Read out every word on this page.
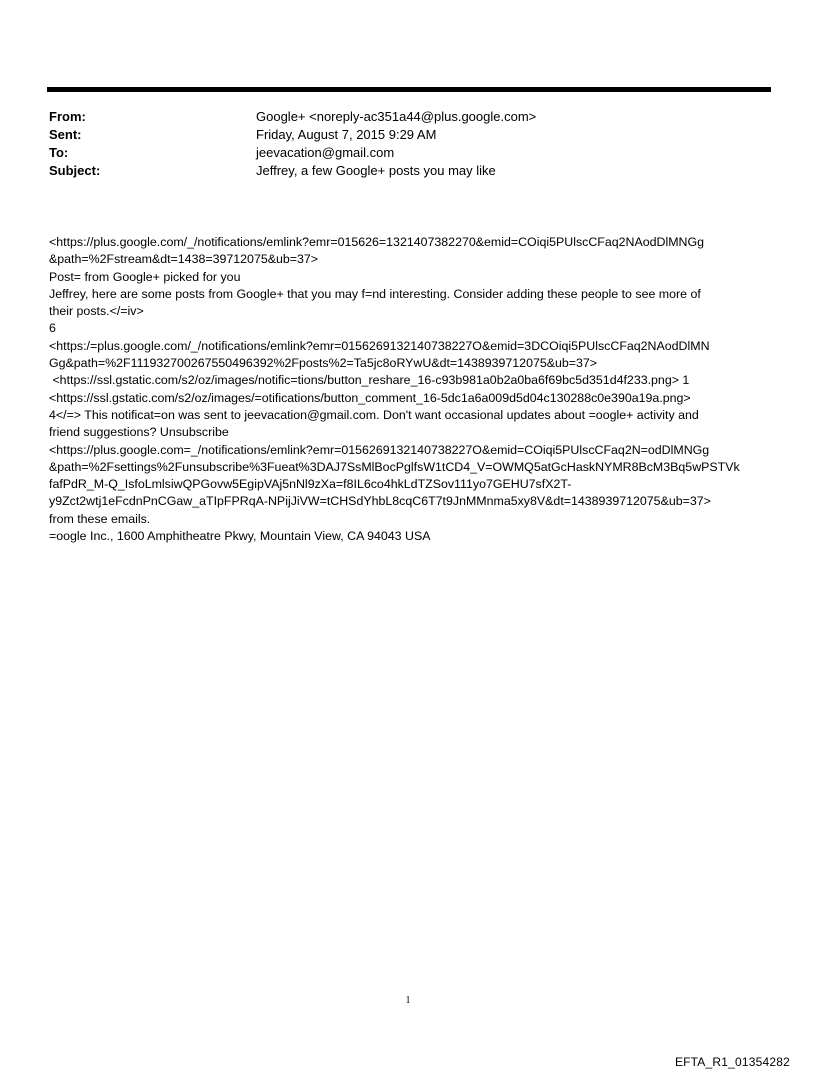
From:	Google+ <noreply-ac351a44@plus.google.com>
Sent:	Friday, August 7, 2015 9:29 AM
To:	jeevacation@gmail.com
Subject:	Jeffrey, a few Google+ posts you may like
<https://plus.google.com/_/notifications/emlink?emr=015626=1321407382270&emid=COiqi5PUlscCFaq2NAodDlMNGg
&path=%2Fstream&dt=1438=39712075&ub=37>
Post= from Google+ picked for you
Jeffrey, here are some posts from Google+ that you may f=nd interesting. Consider adding these people to see more of
their posts.</=iv>
6
<https:/=plus.google.com/_/notifications/emlink?emr=0156269132140738227O&emid=3DCOiqi5PUlscCFaq2NAodDlMN
Gg&path=%2F111932700267550496392%2Fposts%2=Ta5jc8oRYwU&dt=1438939712075&ub=37>
<https://ssl.gstatic.com/s2/oz/images/notific=tions/button_reshare_16-c93b981a0b2a0ba6f69bc5d351d4f233.png> 1
<https://ssl.gstatic.com/s2/oz/images/=otifications/button_comment_16-5dc1a6a009d5d04c130288c0e390a19a.png>
4</=> This notificat=on was sent to jeevacation@gmail.com. Don't want occasional updates about =oogle+ activity and
friend suggestions? Unsubscribe
<https://plus.google.com=_/notifications/emlink?emr=0156269132140738227O&emid=COiqi5PUlscCFaq2N=odDlMNGg
&path=%2Fsettings%2Funsubscribe%3Fueat%3DAJ7SsMlBocPglfsW1tCD4_V=OWMQ5atGcHaskNYMR8BcM3Bq5wPSTVk
fafPdR_M-Q_IsfoLmlsiwQPGovw5EgipVAj5nNl9zXa=f8IL6co4hkLdTZSov111yo7GEHU7sfX2T-
y9Zct2wtj1eFcdnPnCGaw_aTIpFPRqA-NPijJiVW=tCHSdYhbL8cqC6T7t9JnMMnma5xy8V&dt=1438939712075&ub=37>
from these emails.
=oogle Inc., 1600 Amphitheatre Pkwy, Mountain View, CA 94043 USA
1
EFTA_R1_01354282
